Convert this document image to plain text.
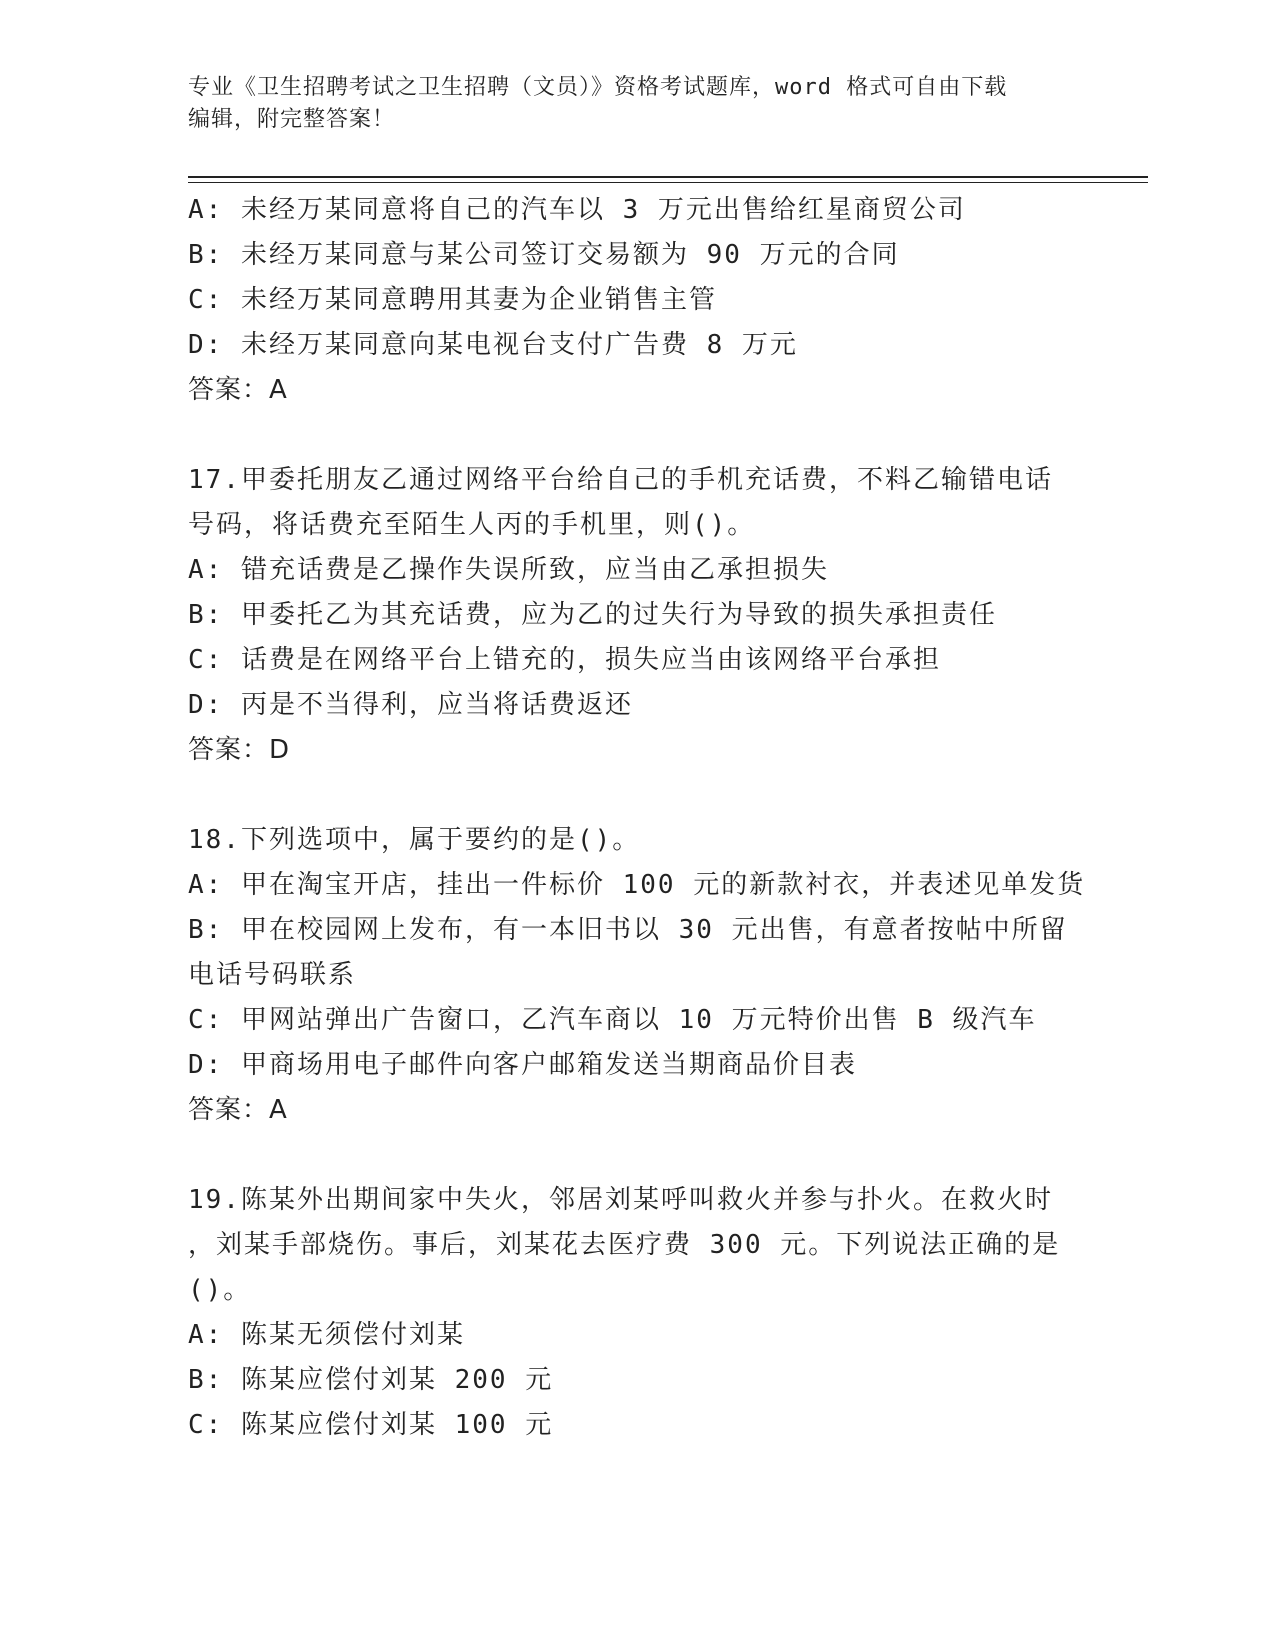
专业《卫生招聘考试之卫生招聘（文员）》资格考试题库，word 格式可自由下载
编辑，附完整答案！
A: 未经万某同意将自己的汽车以 3 万元出售给红星商贸公司
B: 未经万某同意与某公司签订交易额为 90 万元的合同
C: 未经万某同意聘用其妻为企业销售主管
D: 未经万某同意向某电视台支付广告费 8 万元
答案：A
17.甲委托朋友乙通过网络平台给自己的手机充话费，不料乙输错电话
号码，将话费充至陌生人丙的手机里，则()。
A: 错充话费是乙操作失误所致，应当由乙承担损失
B: 甲委托乙为其充话费，应为乙的过失行为导致的损失承担责任
C: 话费是在网络平台上错充的，损失应当由该网络平台承担
D: 丙是不当得利，应当将话费返还
答案：D
18.下列选项中，属于要约的是()。
A: 甲在淘宝开店，挂出一件标价 100 元的新款衬衣，并表述见单发货
B: 甲在校园网上发布，有一本旧书以 30 元出售，有意者按帖中所留
电话号码联系
C: 甲网站弹出广告窗口，乙汽车商以 10 万元特价出售 B 级汽车
D: 甲商场用电子邮件向客户邮箱发送当期商品价目表
答案：A
19.陈某外出期间家中失火，邻居刘某呼叫救火并参与扑火。在救火时
，刘某手部烧伤。事后，刘某花去医疗费 300 元。下列说法正确的是
()。
A: 陈某无须偿付刘某
B: 陈某应偿付刘某 200 元
C: 陈某应偿付刘某 100 元
